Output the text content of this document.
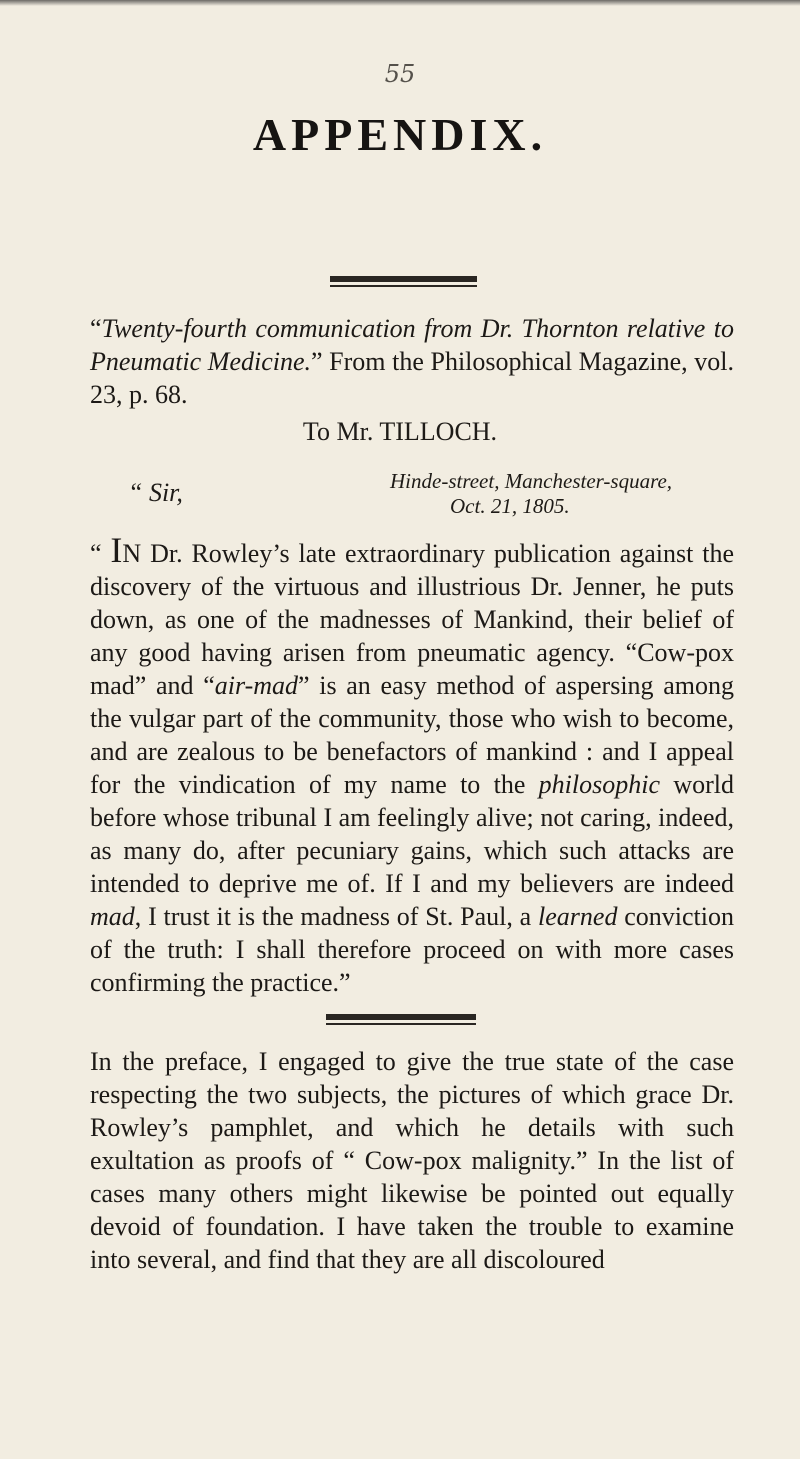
55
APPENDIX.
“Twenty-fourth communication from Dr. Thornton relative to Pneumatic Medicine.” From the Philosophical Magazine, vol. 23, p. 68.
To Mr. TILLOCH.
“ Sir,	Hinde-street, Manchester-square,
Oct. 21, 1805.
“ IN Dr. Rowley’s late extraordinary publication against the discovery of the virtuous and illustrious Dr. Jenner, he puts down, as one of the madnesses of Mankind, their belief of any good having arisen from pneumatic agency. “Cow-pox mad” and “air-mad” is an easy method of aspersing among the vulgar part of the community, those who wish to become, and are zealous to be benefactors of mankind : and I appeal for the vindication of my name to the philosophic world before whose tribunal I am feelingly alive; not caring, indeed, as many do, after pecuniary gains, which such attacks are intended to deprive me of. If I and my believers are indeed mad, I trust it is the madness of St. Paul, a learned conviction of the truth: I shall therefore proceed on with more cases confirming the practice.”
In the preface, I engaged to give the true state of the case respecting the two subjects, the pictures of which grace Dr. Rowley’s pamphlet, and which he details with such exultation as proofs of “ Cow-pox malignity.” In the list of cases many others might likewise be pointed out equally devoid of foundation. I have taken the trouble to examine into several, and find that they are all discoloured
